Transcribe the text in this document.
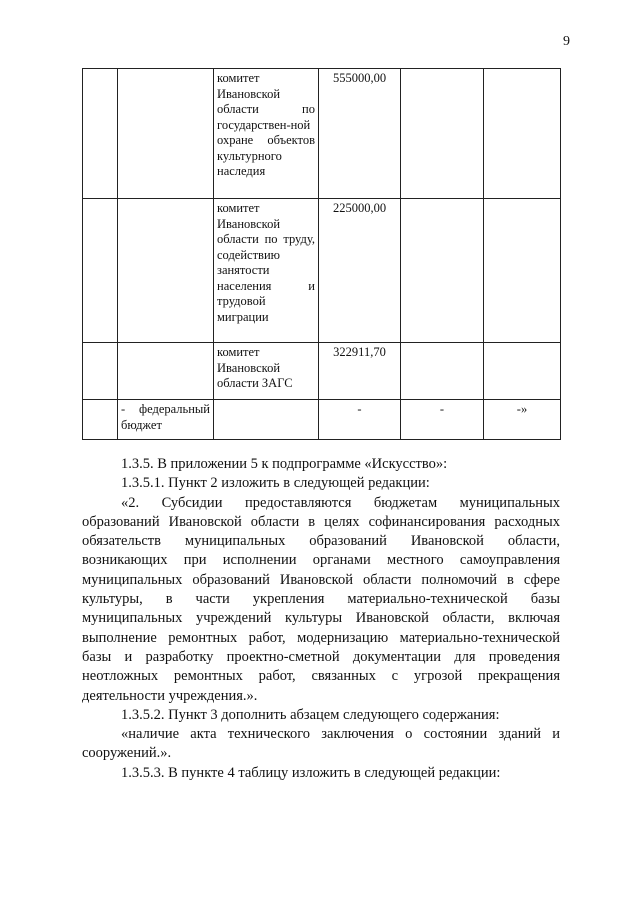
9
		комитет Ивановской области по государствен-ной охране объектов культурного наследия	555000,00		
		комитет Ивановской области по труду, содействию занятости населения и трудовой миграции	225000,00		
		комитет Ивановской области ЗАГС	322911,70		
	- федеральный бюджет		-	-	-»

1.3.5. В приложении 5 к подпрограмме «Искусство»:

1.3.5.1. Пункт 2 изложить в следующей редакции:

«2. Субсидии предоставляются бюджетам муниципальных образований Ивановской области в целях софинансирования расходных обязательств муниципальных образований Ивановской области, возникающих при исполнении органами местного самоуправления муниципальных образований Ивановской области полномочий в сфере культуры, в части укрепления материально-технической базы муниципальных учреждений культуры Ивановской области, включая выполнение ремонтных работ, модернизацию материально-технической базы и разработку проектно-сметной документации для проведения неотложных ремонтных работ, связанных с угрозой прекращения деятельности учреждения.».

1.3.5.2. Пункт 3 дополнить абзацем следующего содержания:

«наличие акта технического заключения о состоянии зданий и сооружений.».

1.3.5.3. В пункте 4 таблицу изложить в следующей редакции:
